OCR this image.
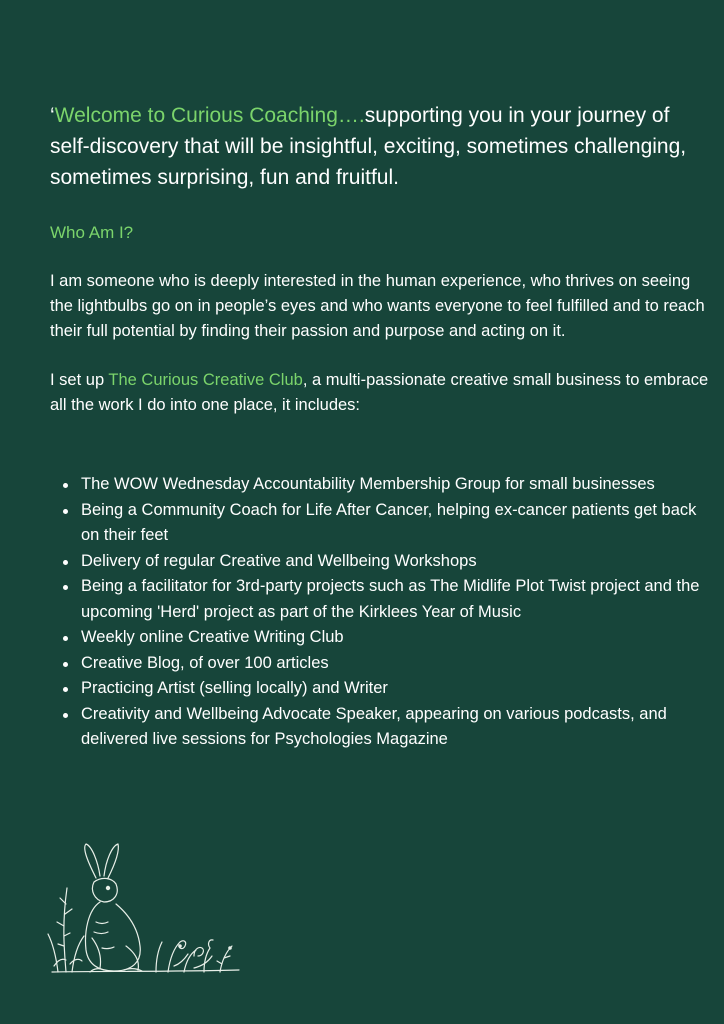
‘Welcome to Curious Coaching….supporting you in your journey of self-discovery that will be insightful, exciting, sometimes challenging, sometimes surprising, fun and fruitful.

Who Am I?

I am someone who is deeply interested in the human experience, who thrives on seeing the lightbulbs go on in people’s eyes and who wants everyone to feel fulfilled and to reach their full potential by finding their passion and purpose and acting on it.

I set up The Curious Creative Club, a multi-passionate creative small business to embrace all the work I do into one place, it includes:

The WOW Wednesday Accountability Membership Group for small businesses
Being a Community Coach for Life After Cancer, helping ex-cancer patients get back on their feet
Delivery of regular Creative and Wellbeing Workshops
Being a facilitator for 3rd-party projects such as The Midlife Plot Twist project and the upcoming 'Herd' project as part of the Kirklees Year of Music
Weekly online Creative Writing Club
Creative Blog, of over 100 articles
Practicing Artist (selling locally) and Writer
Creativity and Wellbeing Advocate Speaker, appearing on various podcasts, and delivered live sessions for Psychologies Magazine
